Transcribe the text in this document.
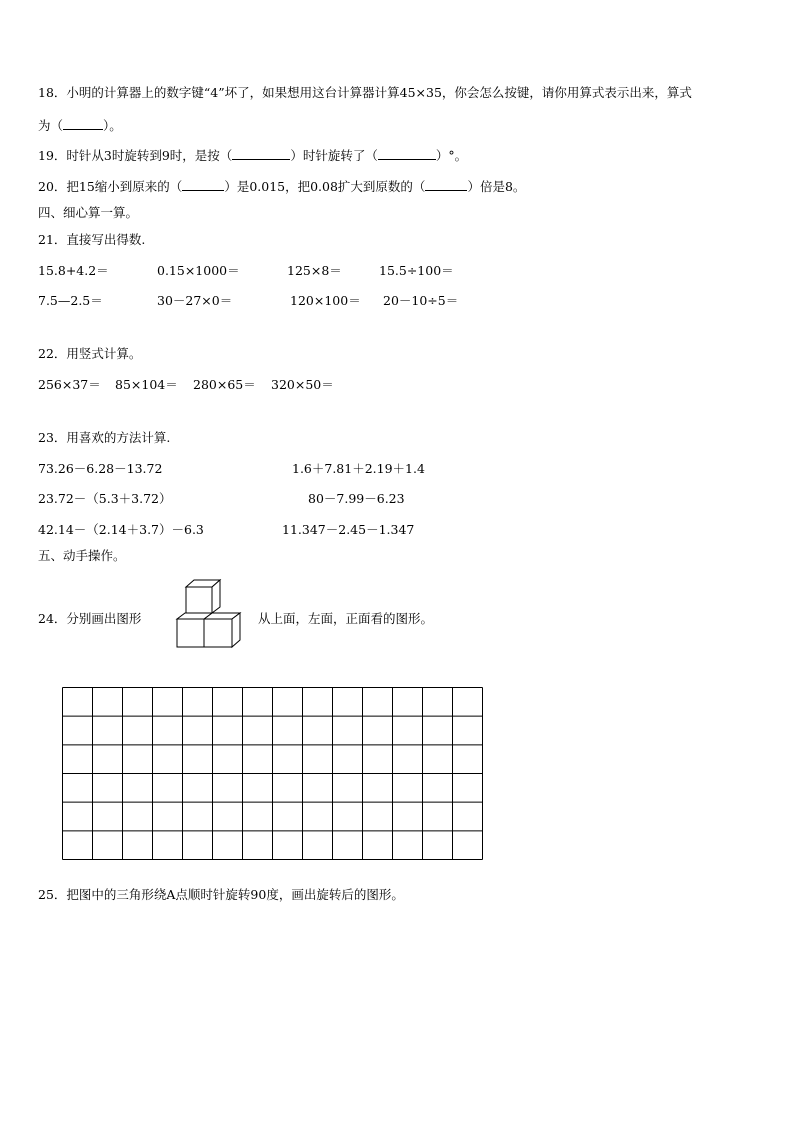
18．小明的计算器上的数字键“4”坏了，如果想用这台计算器计算45×35，你会怎么按键，请你用算式表示出来，算式
为（	）。
19．时针从3时旋转到9时，是按（	）时针旋转了（	）°。
20．把15缩小到原来的（	）是0.015，把0.08扩大到原数的（	）倍是8。
四、细心算一算。
21．直接写出得数.
15.8+4.2＝	0.15×1000＝	125×8＝	15.5÷100＝
7.5—2.5＝	30－27×0＝	120×100＝ 20－10÷5＝
22．用竖式计算。
256×37＝ 85×104＝ 280×65＝ 320×50＝
23．用喜欢的方法计算.
73.26－6.28－13.72	1.6＋7.81＋2.19＋1.4
23.72－（5.3＋3.72）	80－7.99－6.23
42.14－（2.14＋3.7）－6.3	11.347－2.45－1.347
五、动手操作。
24．分别画出图形	从上面，左面，正面看的图形。
25．把图中的三角形绕A点顺时针旋转90度，画出旋转后的图形。
